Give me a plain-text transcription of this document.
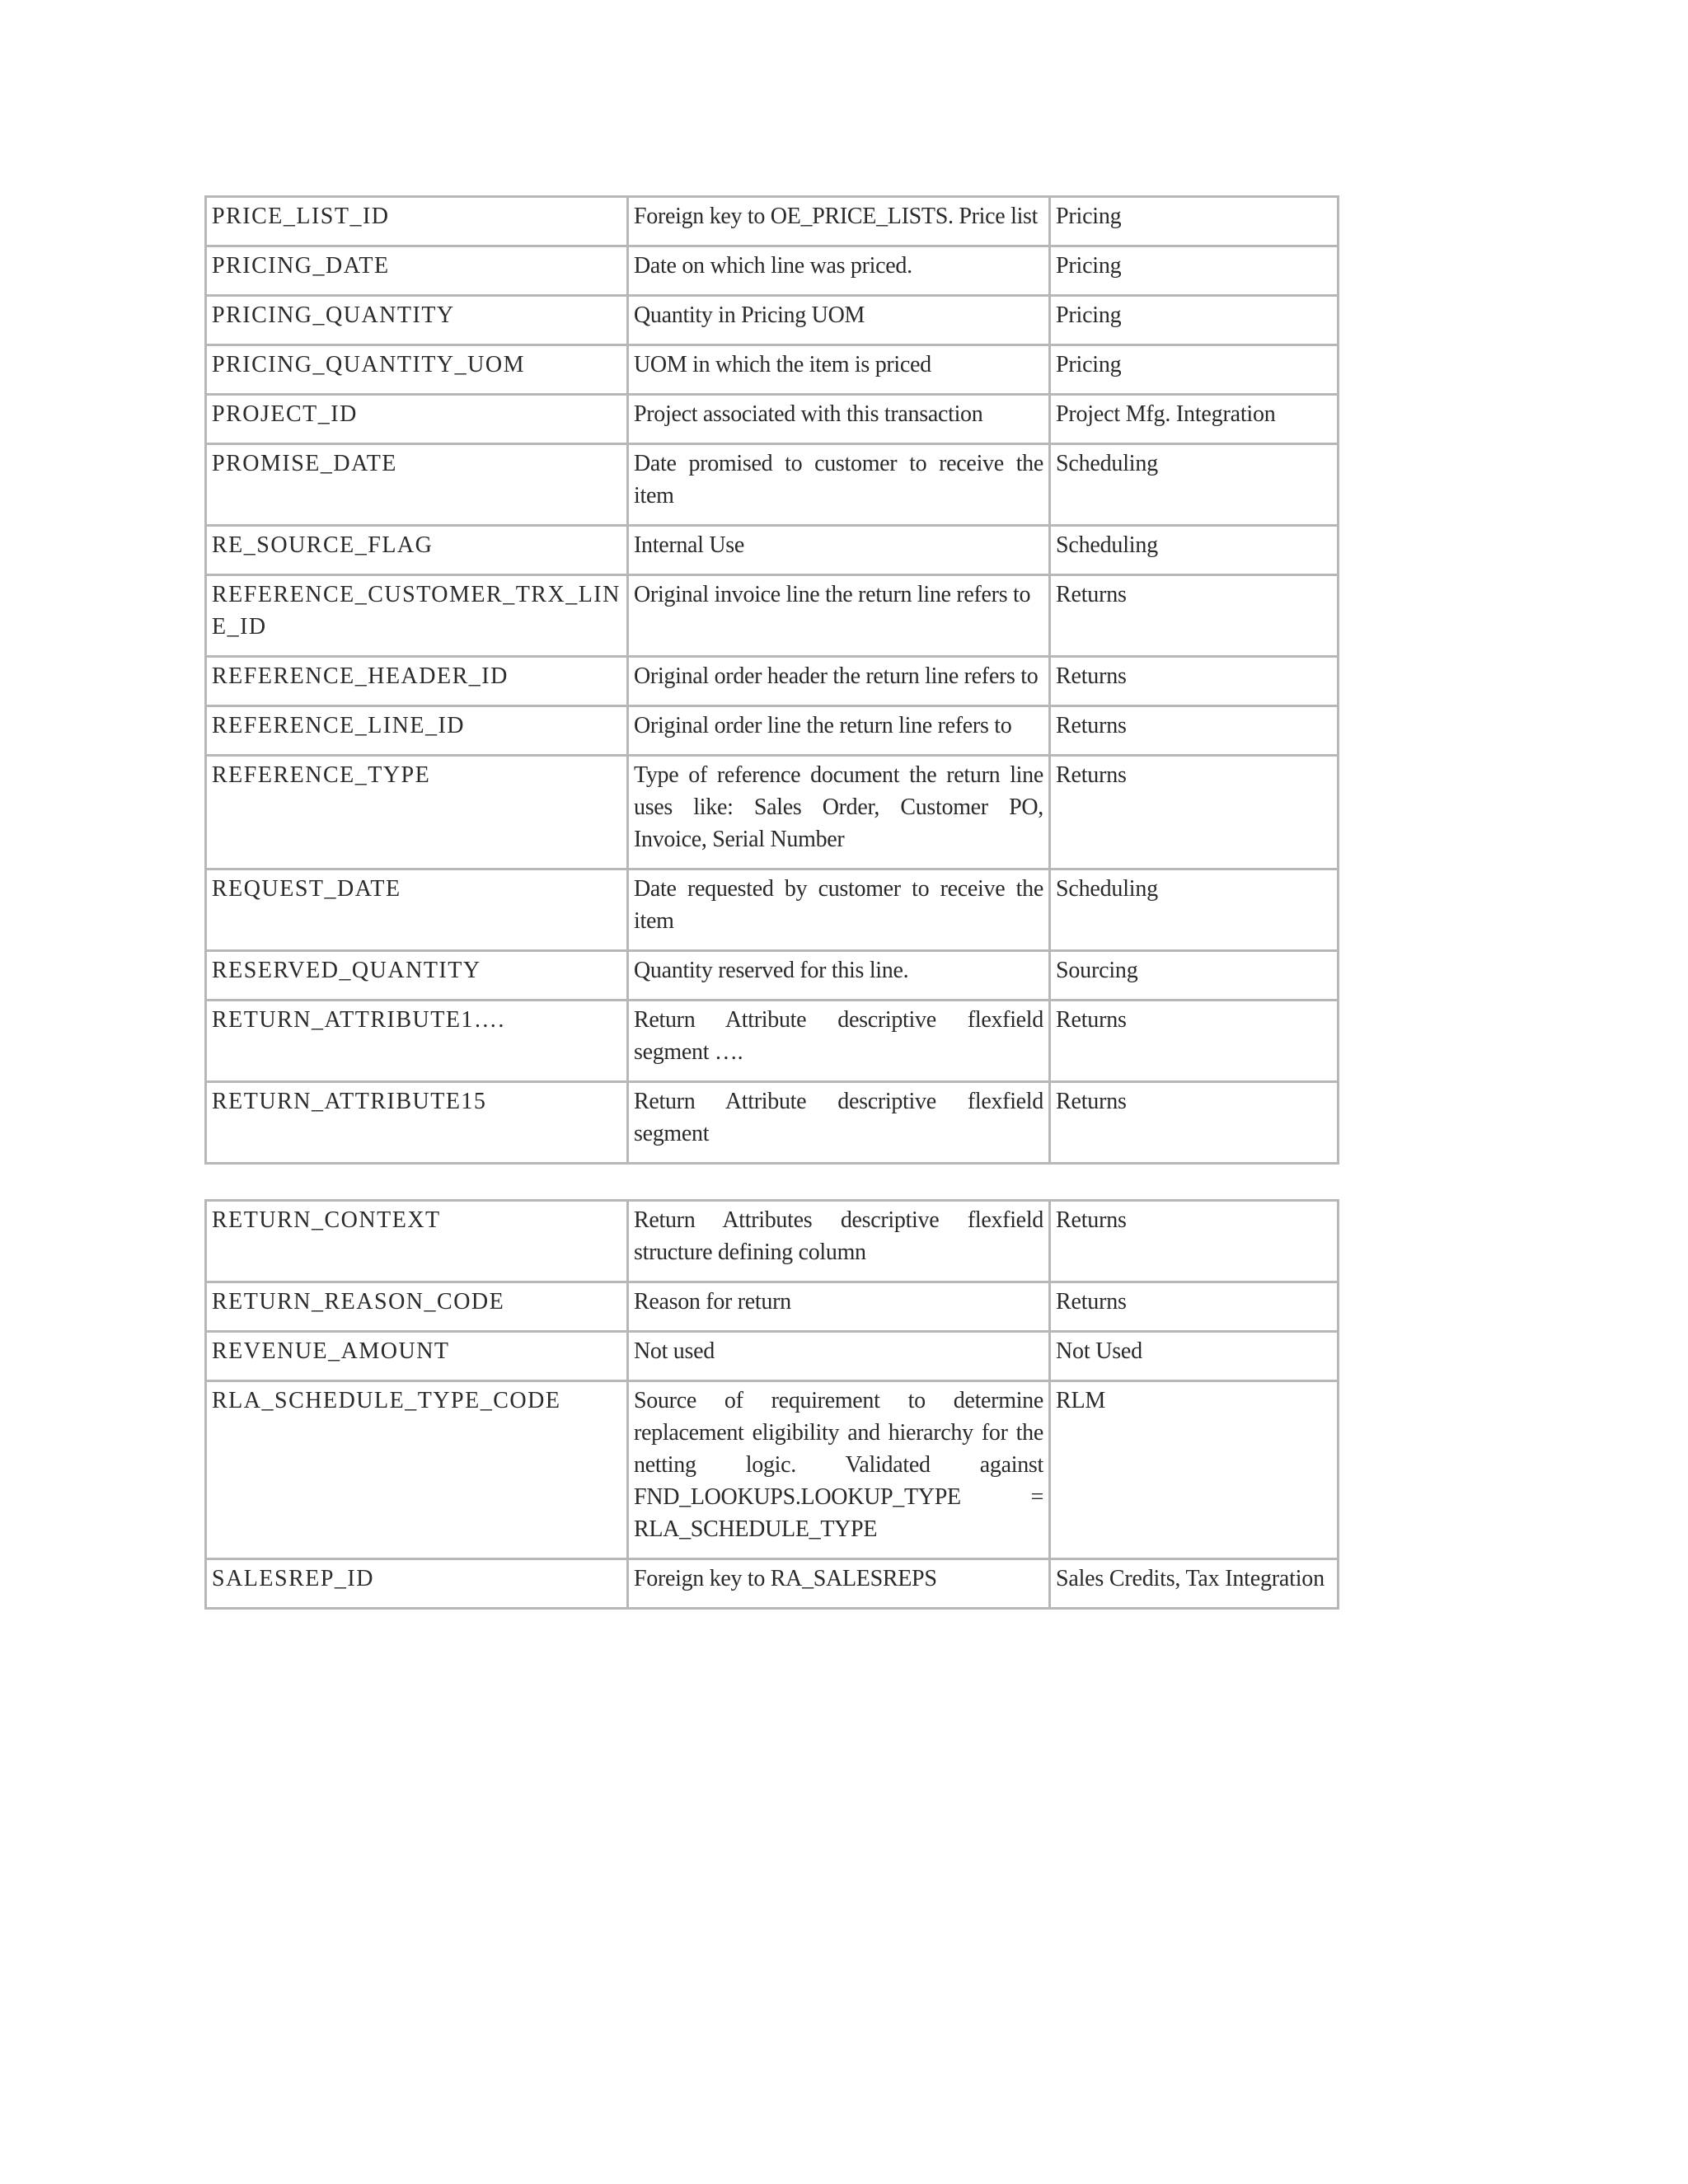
PRICE_LIST_ID	Foreign key to OE_PRICE_LISTS. Price list	Pricing
PRICING_DATE	Date on which line was priced.	Pricing
PRICING_QUANTITY	Quantity in Pricing UOM	Pricing
PRICING_QUANTITY_UOM	UOM in which the item is priced	Pricing
PROJECT_ID	Project associated with this transaction	Project Mfg. Integration
PROMISE_DATE	Date promised to customer to receive the item	Scheduling
RE_SOURCE_FLAG	Internal Use	Scheduling
REFERENCE_CUSTOMER_TRX_LINE_ID	Original invoice line the return line refers to	Returns
REFERENCE_HEADER_ID	Original order header the return line refers to	Returns
REFERENCE_LINE_ID	Original order line the return line refers to	Returns
REFERENCE_TYPE	Type of reference document the return line uses like: Sales Order, Customer PO, Invoice, Serial Number	Returns
REQUEST_DATE	Date requested by customer to receive the item	Scheduling
RESERVED_QUANTITY	Quantity reserved for this line.	Sourcing
RETURN_ATTRIBUTE1….	Return Attribute descriptive flexfield segment ….	Returns
RETURN_ATTRIBUTE15	Return Attribute descriptive flexfield segment	Returns
RETURN_CONTEXT	Return Attributes descriptive flexfield structure defining column	Returns
RETURN_REASON_CODE	Reason for return	Returns
REVENUE_AMOUNT	Not used	Not Used
RLA_SCHEDULE_TYPE_CODE	Source of requirement to determine replacement eligibility and hierarchy for the netting logic. Validated against FND_LOOKUPS.LOOKUP_TYPE = RLA_SCHEDULE_TYPE	RLM
SALESREP_ID	Foreign key to RA_SALESREPS	Sales Credits, Tax Integration
